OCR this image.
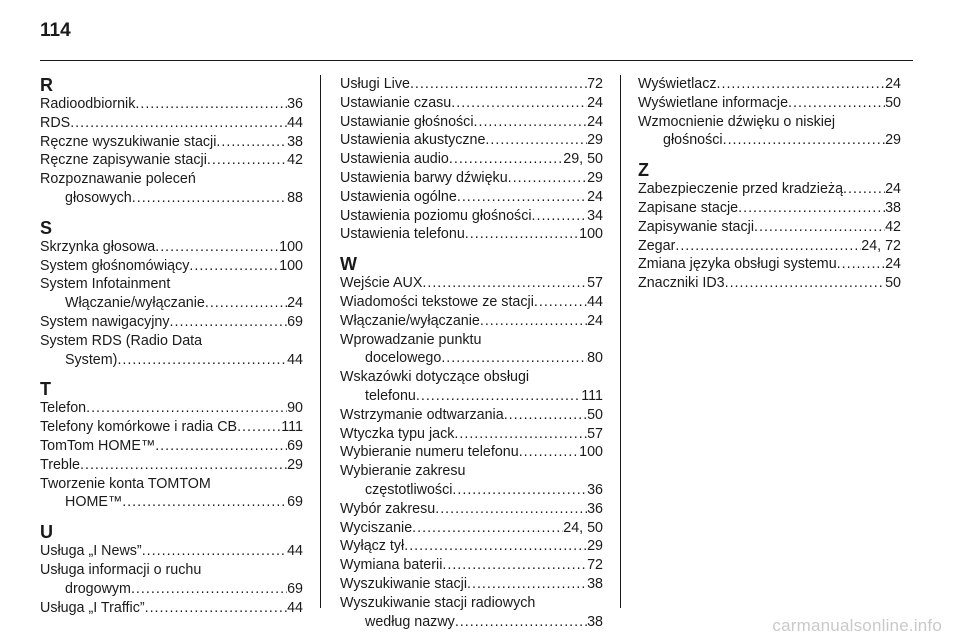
114
R
Radioodbiornik .....	36
RDS .....	44
Ręczne wyszukiwanie stacji .....	38
Ręczne zapisywanie stacji .....	42
Rozpoznawanie poleceń
głosowych .....	88
S
Skrzynka głosowa .....	100
System głośnomówiący .....	100
System Infotainment
Włączanie/wyłączanie .....	24
System nawigacyjny .....	69
System RDS (Radio Data
System) .....	44
T
Telefon .....	90
Telefony komórkowe i radia CB .....	111
TomTom HOME™ .....	69
Treble .....	29
Tworzenie konta TOMTOM
HOME™ .....	69
U
Usługa „I News” .....	44
Usługa informacji o ruchu
drogowym .....	69
Usługa „I Traffic” .....	44
Usługi Live .....	72
Ustawianie czasu .....	24
Ustawianie głośności .....	24
Ustawienia akustyczne .....	29
Ustawienia audio .....	29, 50
Ustawienia barwy dźwięku .....	29
Ustawienia ogólne .....	24
Ustawienia poziomu głośności .....	34
Ustawienia telefonu .....	100
W
Wejście AUX .....	57
Wiadomości tekstowe ze stacji .....	44
Włączanie/wyłączanie .....	24
Wprowadzanie punktu
docelowego .....	80
Wskazówki dotyczące obsługi
telefonu .....	111
Wstrzymanie odtwarzania .....	50
Wtyczka typu jack .....	57
Wybieranie numeru telefonu .....	100
Wybieranie zakresu
częstotliwości .....	36
Wybór zakresu .....	36
Wyciszanie .....	24, 50
Wyłącz tył .....	29
Wymiana baterii .....	72
Wyszukiwanie stacji .....	38
Wyszukiwanie stacji radiowych
według nazwy .....	38
Wyświetlacz .....	24
Wyświetlane informacje .....	50
Wzmocnienie dźwięku o niskiej
głośności .....	29
Z
Zabezpieczenie przed kradzieżą .....	24
Zapisane stacje .....	38
Zapisywanie stacji .....	42
Zegar .....	24, 72
Zmiana języka obsługi systemu .....	24
Znaczniki ID3 .....	50
carmanualsonline.info
